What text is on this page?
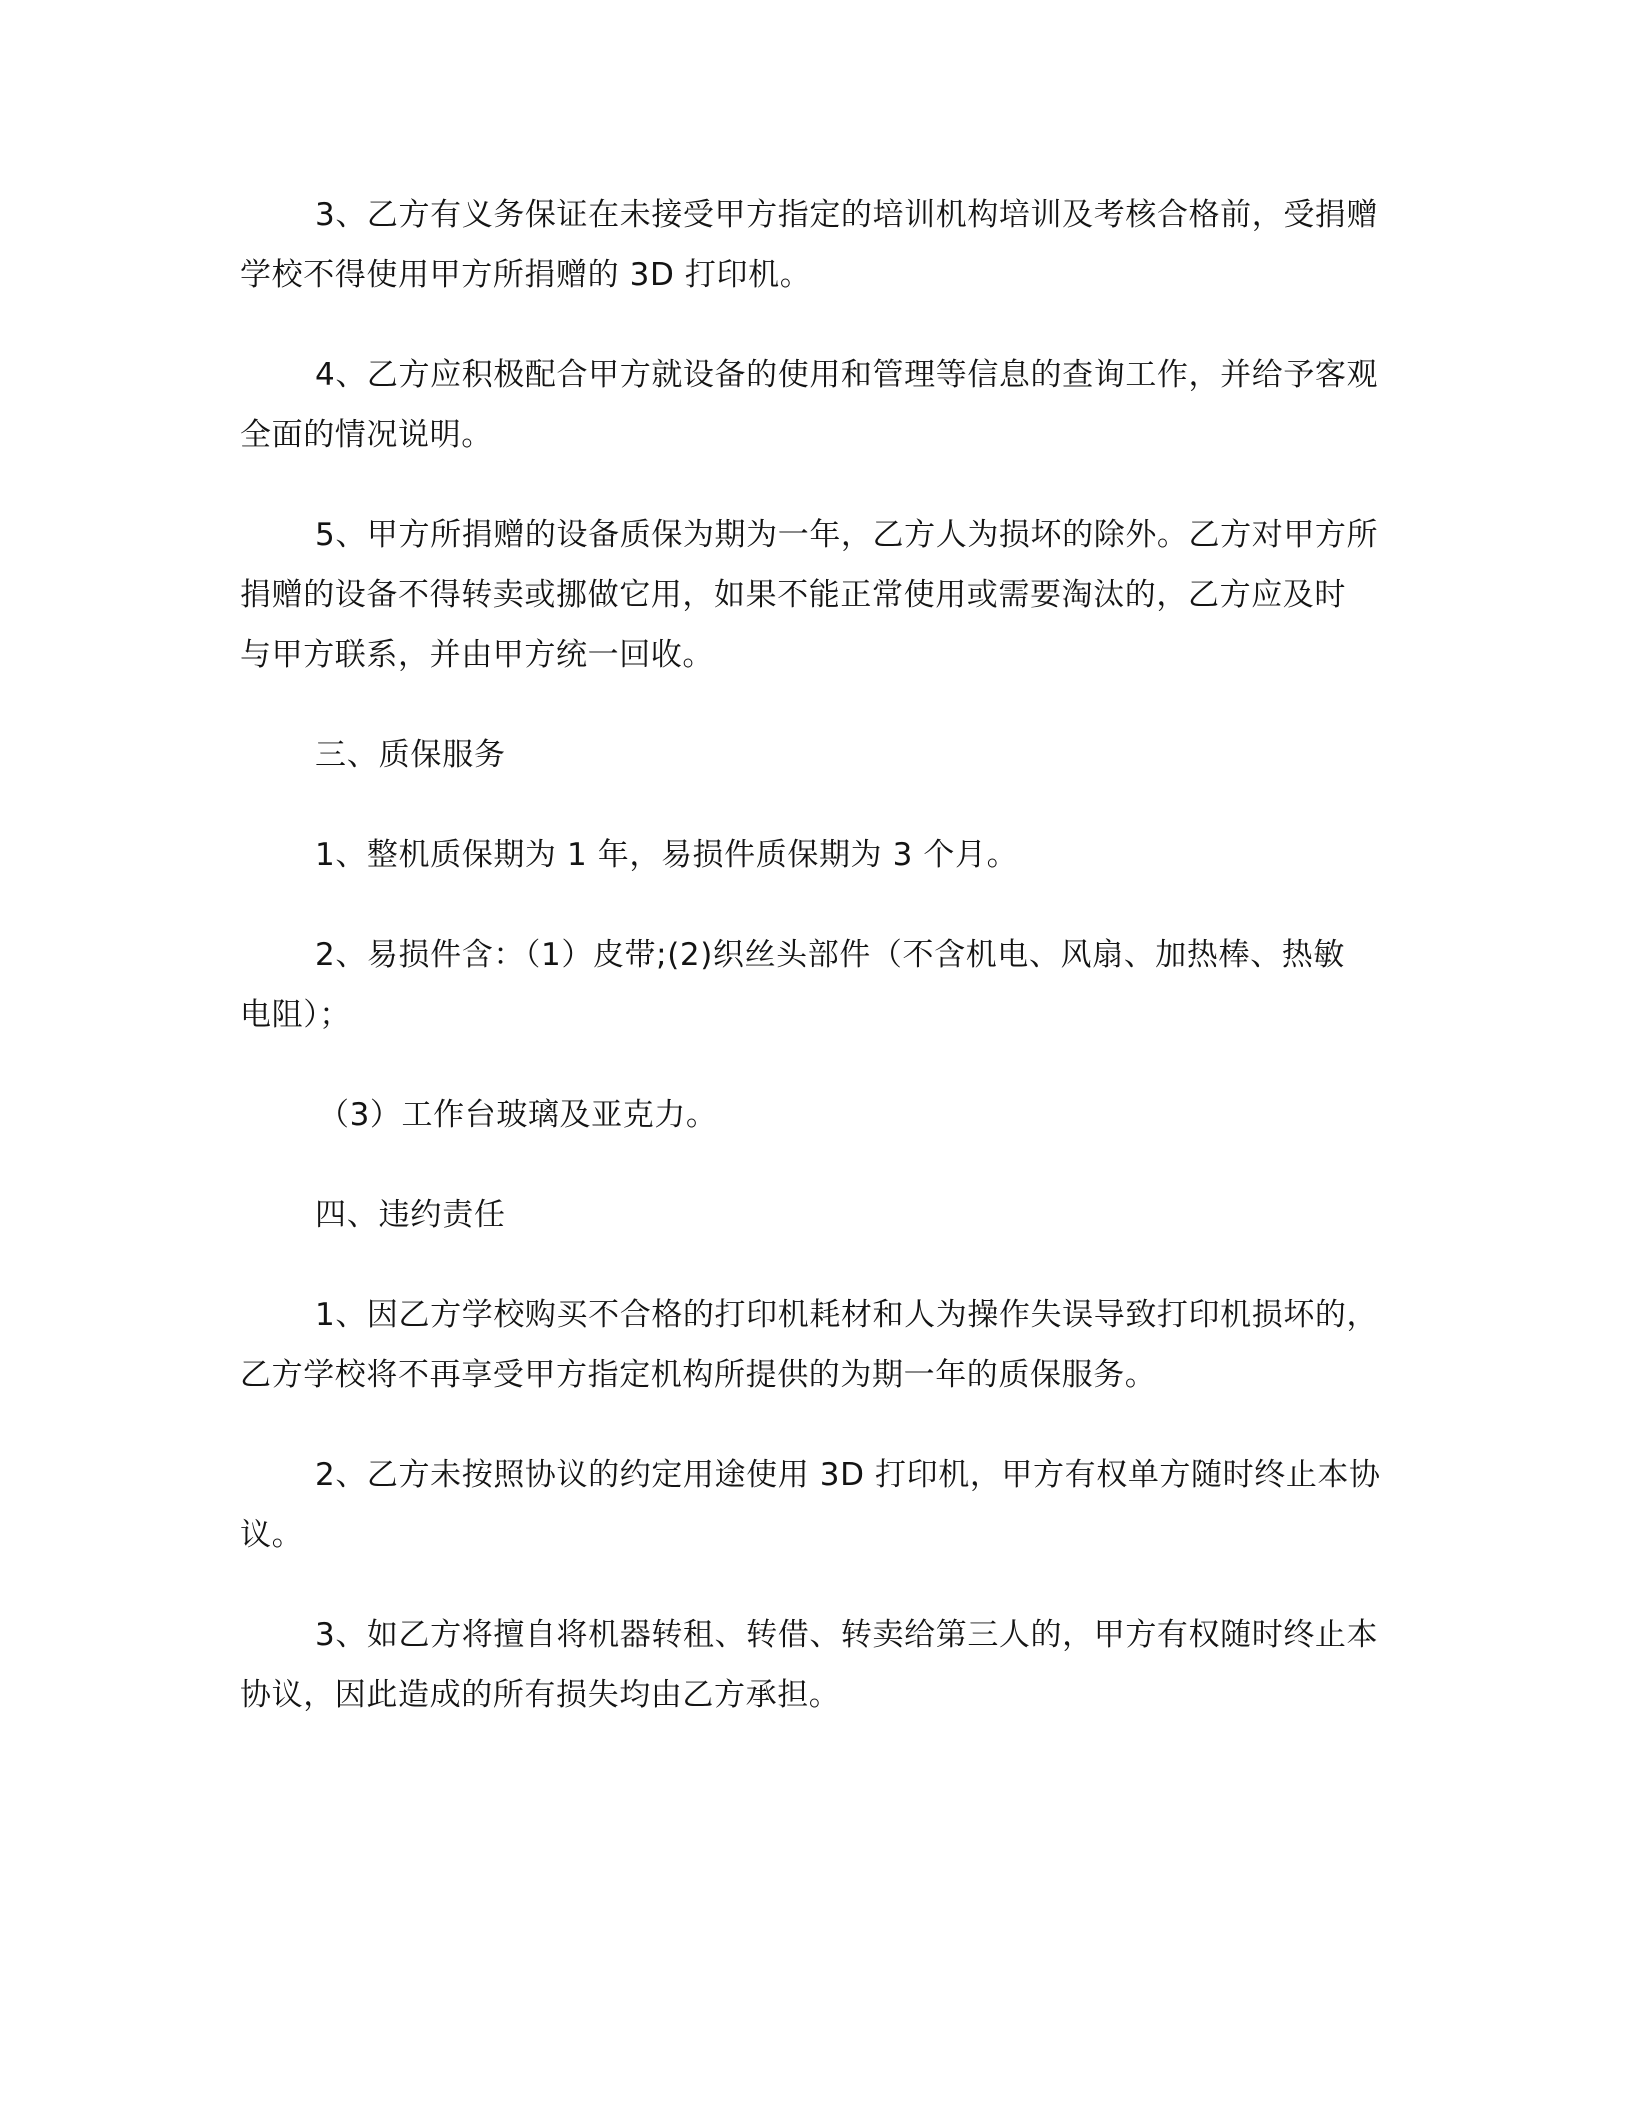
3、乙方有义务保证在未接受甲方指定的培训机构培训及考核合格前，受捐赠
学校不得使用甲方所捐赠的 3D 打印机。
4、乙方应积极配合甲方就设备的使用和管理等信息的查询工作，并给予客观
全面的情况说明。
5、甲方所捐赠的设备质保为期为一年，乙方人为损坏的除外。乙方对甲方所
捐赠的设备不得转卖或挪做它用，如果不能正常使用或需要淘汰的，乙方应及时
与甲方联系，并由甲方统一回收。
三、质保服务
1、整机质保期为 1 年，易损件质保期为 3 个月。
2、易损件含：（1）皮带;(2)织丝头部件（不含机电、风扇、加热棒、热敏
电阻）；
（3）工作台玻璃及亚克力。
四、违约责任
1、因乙方学校购买不合格的打印机耗材和人为操作失误导致打印机损坏的，
乙方学校将不再享受甲方指定机构所提供的为期一年的质保服务。
2、乙方未按照协议的约定用途使用 3D 打印机，甲方有权单方随时终止本协
议。
3、如乙方将擅自将机器转租、转借、转卖给第三人的，甲方有权随时终止本
协议，因此造成的所有损失均由乙方承担。
